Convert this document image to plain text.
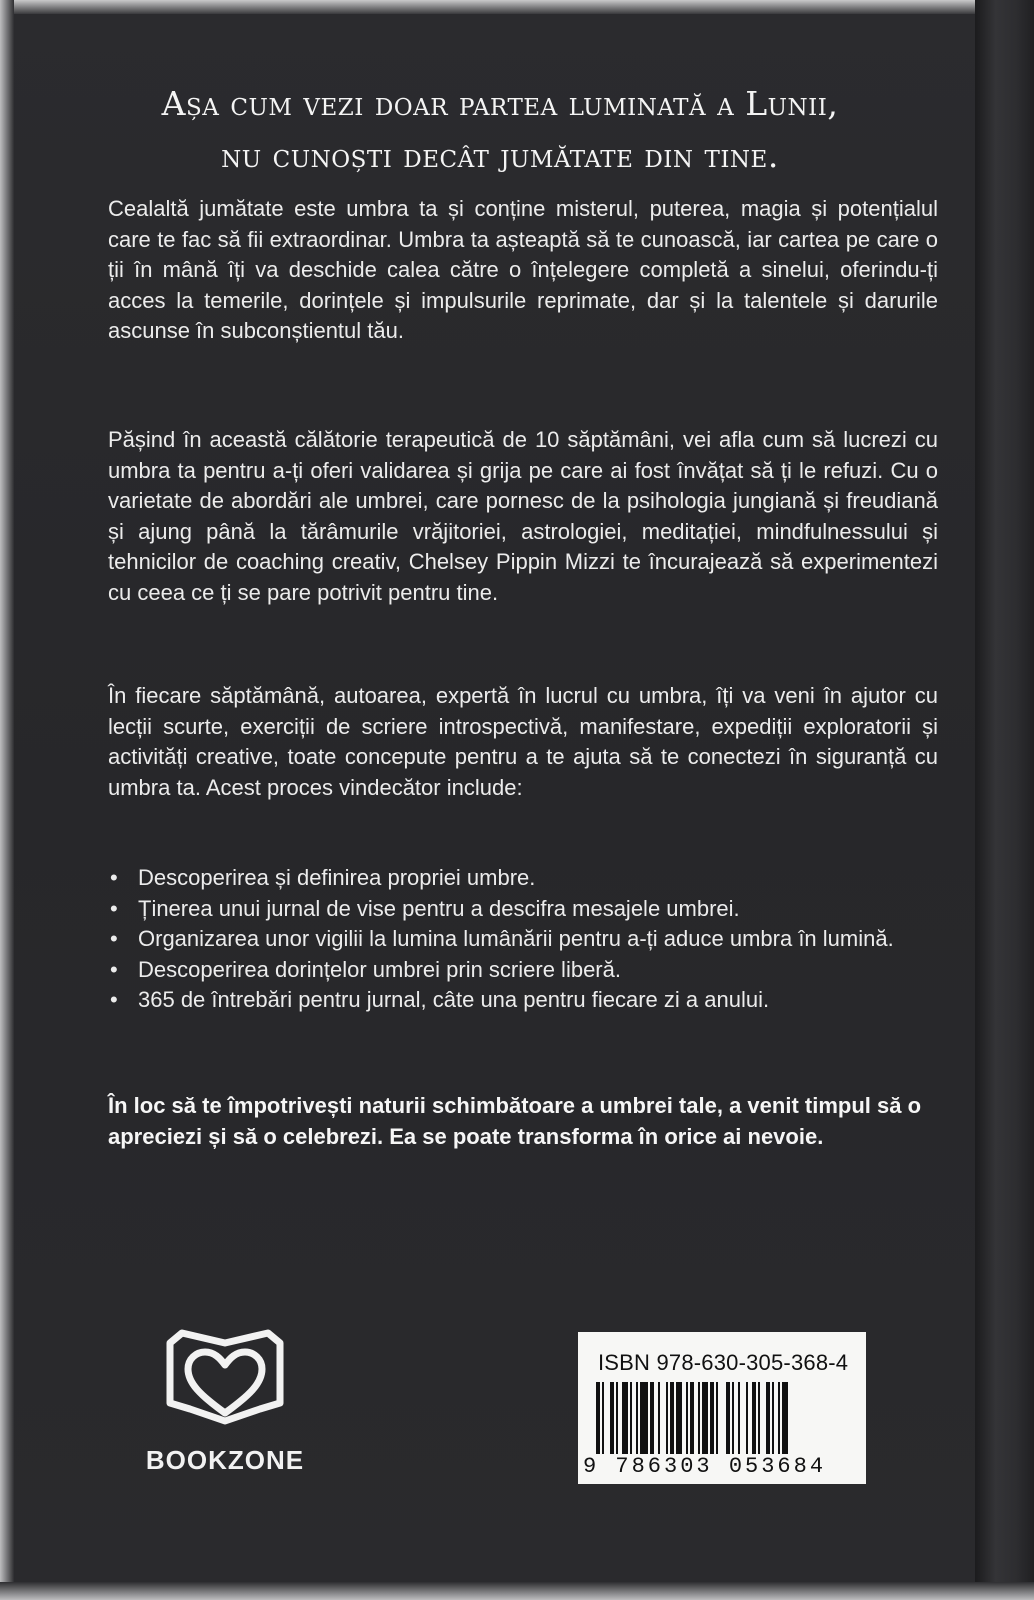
Așa cum vezi doar partea luminată a Lunii,
nu cunoști decât jumătate din tine.

Cealaltă jumătate este umbra ta și conține misterul, puterea, magia și potențialul care te fac să fii extraordinar. Umbra ta așteaptă să te cunoască, iar cartea pe care o ții în mână îți va deschide calea către o înțelegere completă a sinelui, oferindu-ți acces la temerile, dorințele și impulsurile reprimate, dar și la talentele și darurile ascunse în subconștientul tău.

Pășind în această călătorie terapeutică de 10 săptămâni, vei afla cum să lucrezi cu umbra ta pentru a-ți oferi validarea și grija pe care ai fost învățat să ți le refuzi. Cu o varietate de abordări ale umbrei, care pornesc de la psihologia jungiană și freudiană și ajung până la tărâmurile vrăjitoriei, astrologiei, meditației, mindfulnessului și tehnicilor de coaching creativ, Chelsey Pippin Mizzi te încurajează să experimentezi cu ceea ce ți se pare potrivit pentru tine.

În fiecare săptămână, autoarea, expertă în lucrul cu umbra, îți va veni în ajutor cu lecții scurte, exerciții de scriere introspectivă, manifestare, expediții exploratorii și activități creative, toate concepute pentru a te ajuta să te conectezi în siguranță cu umbra ta. Acest proces vindecător include:

• Descoperirea și definirea propriei umbre.
• Ținerea unui jurnal de vise pentru a descifra mesajele umbrei.
• Organizarea unor vigilii la lumina lumânării pentru a-ți aduce umbra în lumină.
• Descoperirea dorințelor umbrei prin scriere liberă.
• 365 de întrebări pentru jurnal, câte una pentru fiecare zi a anului.

În loc să te împotrivești naturii schimbătoare a umbrei tale, a venit timpul să o apreciezi și să o celebrezi. Ea se poate transforma în orice ai nevoie.

BOOKZONE
ISBN 978-630-305-368-4
9 786303 053684
